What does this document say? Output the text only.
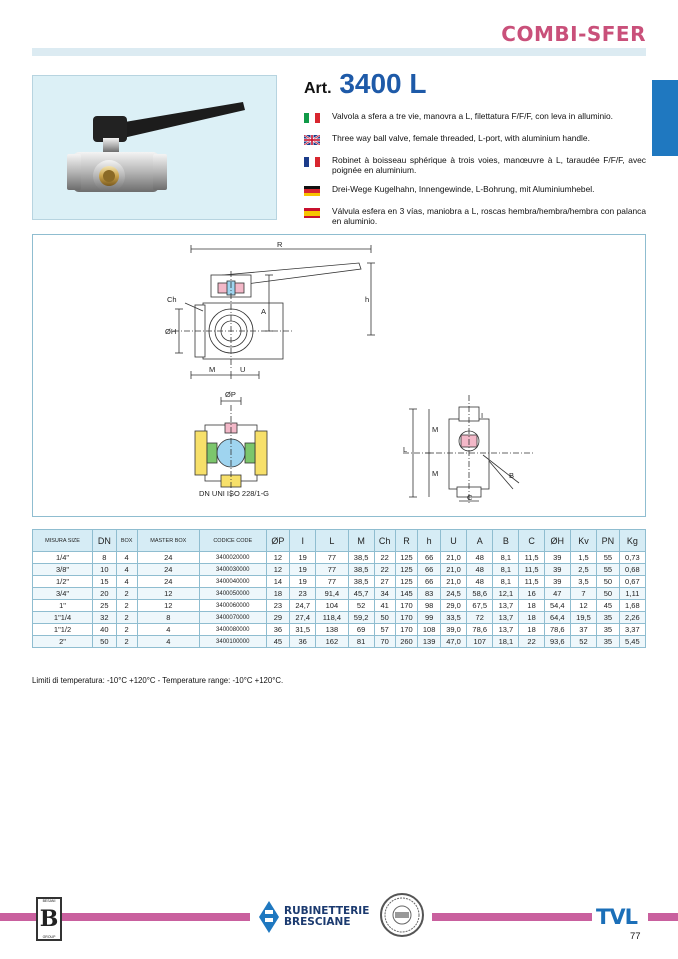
COMBI-SFER
Art. 3400 L
Valvola a sfera a tre vie, manovra a L, filettatura F/F/F, con leva in alluminio.
Three way ball valve, female threaded, L-port, with aluminium handle.
Robinet à boisseau sphérique à trois voies, manœuvre à L, taraudée F/F/F, avec poignée en aluminium.
Drei-Wege Kugelhahn, Innengewinde, L-Bohrung, mit Aluminiumhebel.
Válvula esfera en 3 vías, maniobra a L, roscas hembra/hembra/hembra con palanca en aluminio.
R
Ch
A
h
ØH
M	U
ØP
DN UNI ISO 228/1-G
L
M
M
C
B
I
MISURA SIZE	DN	BOX	MASTER BOX	CODICE CODE	ØP	I	L	M	Ch	R	h	U	A	B	C	ØH	Kv	PN	Kg
1/4"	8	4	24	3400020000	12	19	77	38,5	22	125	66	21,0	48	8,1	11,5	39	1,5	55	0,73
3/8"	10	4	24	3400030000	12	19	77	38,5	22	125	66	21,0	48	8,1	11,5	39	2,5	55	0,68
1/2"	15	4	24	3400040000	14	19	77	38,5	27	125	66	21,0	48	8,1	11,5	39	3,5	50	0,67
3/4"	20	2	12	3400050000	18	23	91,4	45,7	34	145	83	24,5	58,6	12,1	16	47	7	50	1,11
1"	25	2	12	3400060000	23	24,7	104	52	41	170	98	29,0	67,5	13,7	18	54,4	12	45	1,68
1"1/4	32	2	8	3400070000	29	27,4	118,4	59,2	50	170	99	33,5	72	13,7	18	64,4	19,5	35	2,26
1"1/2	40	2	4	3400080000	36	31,5	138	69	57	170	108	39,0	78,6	13,7	18	78,6	37	35	3,37
2"	50	2	4	3400100000	45	36	162	81	70	260	139	47,0	107	18,1	22	93,6	52	35	5,45
Limiti di temperatura: -10°C +120°C - Temperature range: -10°C +120°C.
BESANI
B
GROUP
RUBINETTERIE
BRESCIANE	TVL
77
